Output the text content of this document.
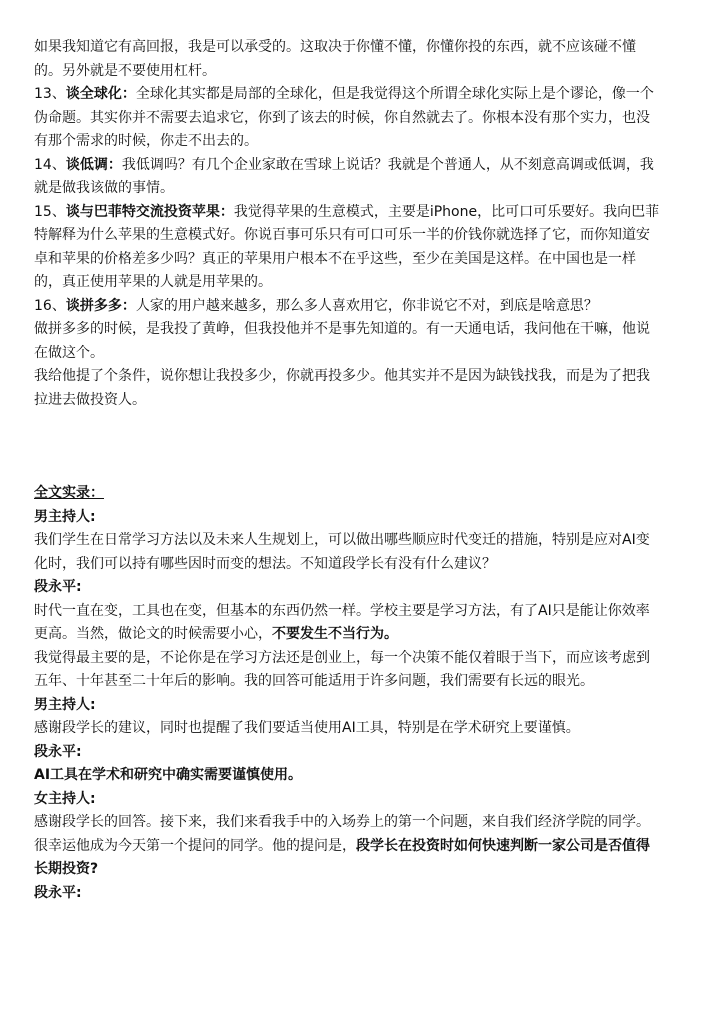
如果我知道它有高回报，我是可以承受的。这取决于你懂不懂，你懂你投的东西，就不应该碰不懂
的。另外就是不要使用杠杆。
13、谈全球化：全球化其实都是局部的全球化，但是我觉得这个所谓全球化实际上是个谬论，像一个
伪命题。其实你并不需要去追求它，你到了该去的时候，你自然就去了。你根本没有那个实力，也没
有那个需求的时候，你走不出去的。
14、谈低调：我低调吗？有几个企业家敢在雪球上说话？我就是个普通人，从不刻意高调或低调，我
就是做我该做的事情。
15、谈与巴菲特交流投资苹果：我觉得苹果的生意模式，主要是iPhone，比可口可乐要好。我向巴菲
特解释为什么苹果的生意模式好。你说百事可乐只有可口可乐一半的价钱你就选择了它，而你知道安
卓和苹果的价格差多少吗？真正的苹果用户根本不在乎这些，至少在美国是这样。在中国也是一样
的，真正使用苹果的人就是用苹果的。
16、谈拼多多：人家的用户越来越多，那么多人喜欢用它，你非说它不对，到底是啥意思？
做拼多多的时候，是我投了黄峥，但我投他并不是事先知道的。有一天通电话，我问他在干嘛，他说
在做这个。
我给他提了个条件，说你想让我投多少，你就再投多少。他其实并不是因为缺钱找我，而是为了把我
拉进去做投资人。
全文实录：
男主持人:
我们学生在日常学习方法以及未来人生规划上，可以做出哪些顺应时代变迁的措施，特别是应对AI变
化时，我们可以持有哪些因时而变的想法。不知道段学长有没有什么建议？
段永平:
时代一直在变，工具也在变，但基本的东西仍然一样。学校主要是学习方法，有了AI只是能让你效率
更高。当然，做论文的时候需要小心，不要发生不当行为。
我觉得最主要的是，不论你是在学习方法还是创业上，每一个决策不能仅着眼于当下，而应该考虑到
五年、十年甚至二十年后的影响。我的回答可能适用于许多问题，我们需要有长远的眼光。
男主持人:
感谢段学长的建议，同时也提醒了我们要适当使用AI工具，特别是在学术研究上要谨慎。
段永平:
AI工具在学术和研究中确实需要谨慎使用。
女主持人:
感谢段学长的回答。接下来，我们来看我手中的入场券上的第一个问题，来自我们经济学院的同学。
很幸运他成为今天第一个提问的同学。他的提问是，段学长在投资时如何快速判断一家公司是否值得
长期投资?
段永平:
